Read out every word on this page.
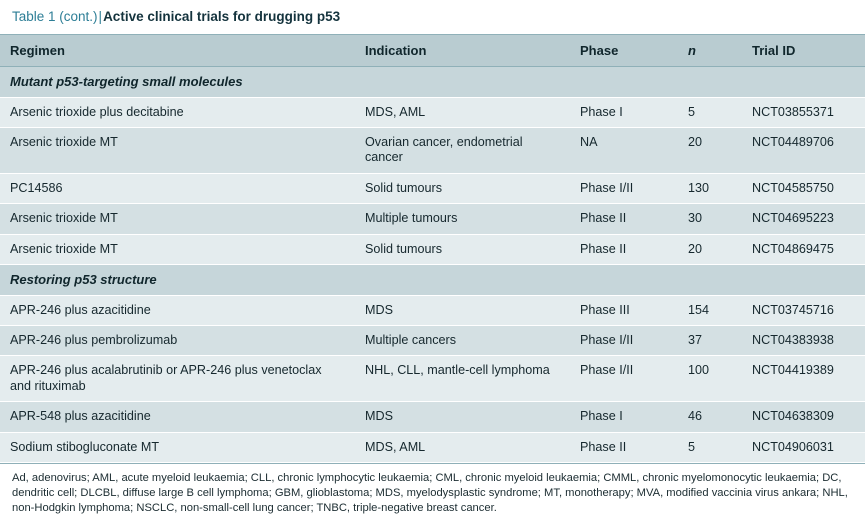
Table 1 (cont.)|Active clinical trials for drugging p53
Regimen	Indication	Phase	n	Trial ID
Mutant p53-targeting small molecules				
Arsenic trioxide plus decitabine	MDS, AML	Phase I	5	NCT03855371
Arsenic trioxide MT	Ovarian cancer, endometrial cancer	NA	20	NCT04489706
PC14586	Solid tumours	Phase I/II	130	NCT04585750
Arsenic trioxide MT	Multiple tumours	Phase II	30	NCT04695223
Arsenic trioxide MT	Solid tumours	Phase II	20	NCT04869475
Restoring p53 structure				
APR-246 plus azacitidine	MDS	Phase III	154	NCT03745716
APR-246 plus pembrolizumab	Multiple cancers	Phase I/II	37	NCT04383938
APR-246 plus acalabrutinib or APR-246 plus venetoclax and rituximab	NHL, CLL, mantle-cell lymphoma	Phase I/II	100	NCT04419389
APR-548 plus azacitidine	MDS	Phase I	46	NCT04638309
Sodium stibogluconate MT	MDS, AML	Phase II	5	NCT04906031

Ad, adenovirus; AML, acute myeloid leukaemia; CLL, chronic lymphocytic leukaemia; CML, chronic myeloid leukaemia; CMML, chronic myelomonocytic leukaemia; DC, dendritic cell; DLCBL, diffuse large B cell lymphoma; GBM, glioblastoma; MDS, myelodysplastic syndrome; MT, monotherapy; MVA, modified vaccinia virus ankara; NHL, non-Hodgkin lymphoma; NSCLC, non-small-cell lung cancer; TNBC, triple-negative breast cancer.
